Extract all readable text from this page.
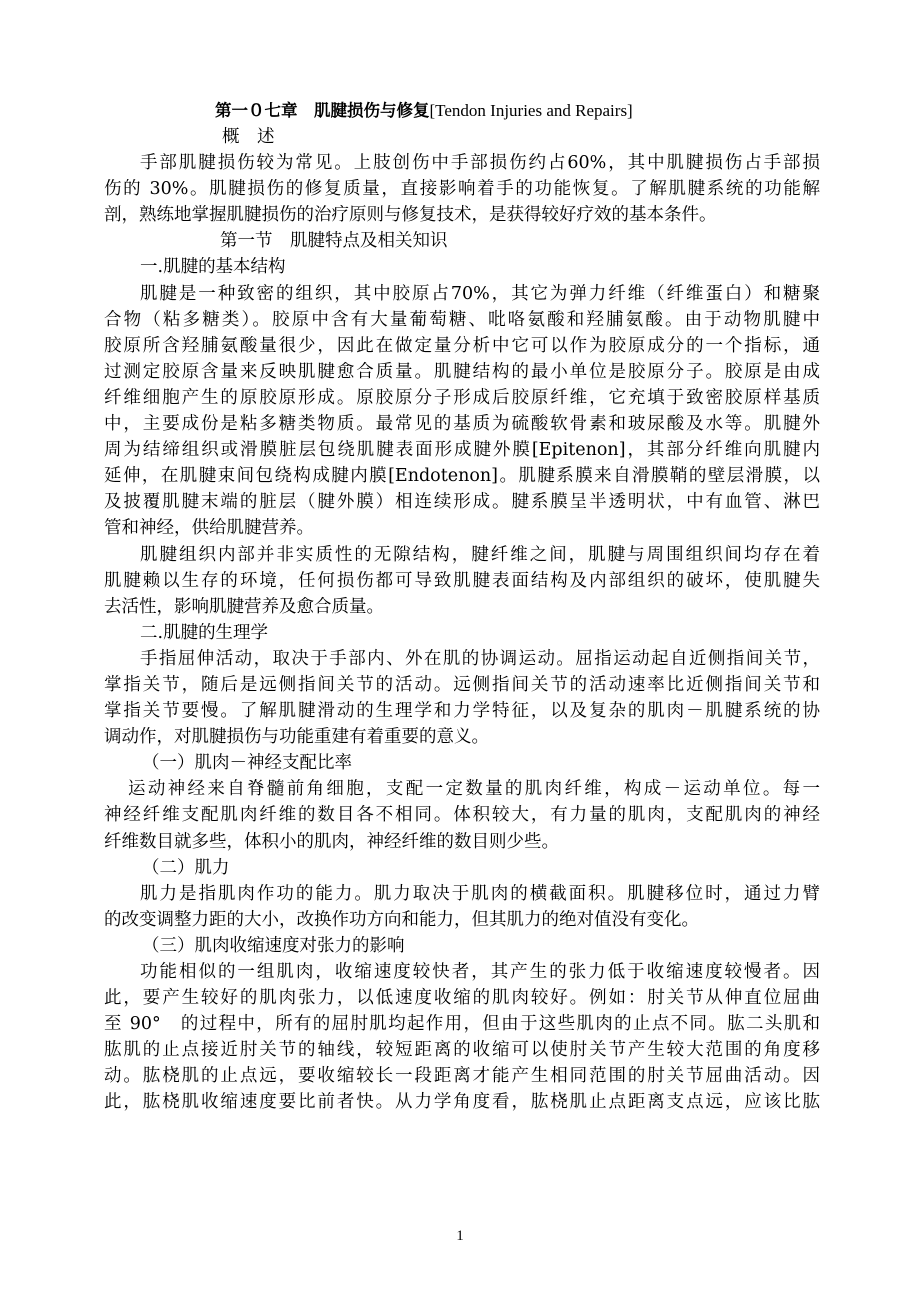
第一０七章　肌腱损伤与修复[Tendon Injuries and Repairs]

概　述

手部肌腱损伤较为常见。上肢创伤中手部损伤约占60%，其中肌腱损伤占手部损

伤的 30%。肌腱损伤的修复质量，直接影响着手的功能恢复。了解肌腱系统的功能解

剖，熟练地掌握肌腱损伤的治疗原则与修复技术，是获得较好疗效的基本条件。

第一节　肌腱特点及相关知识

一.肌腱的基本结构

肌腱是一种致密的组织，其中胶原占70%，其它为弹力纤维（纤维蛋白）和糖聚

合物（粘多糖类）。胶原中含有大量葡萄糖、吡咯氨酸和羟脯氨酸。由于动物肌腱中

胶原所含羟脯氨酸量很少，因此在做定量分析中它可以作为胶原成分的一个指标，通

过测定胶原含量来反映肌腱愈合质量。肌腱结构的最小单位是胶原分子。胶原是由成

纤维细胞产生的原胶原形成。原胶原分子形成后胶原纤维，它充填于致密胶原样基质

中，主要成份是粘多糖类物质。最常见的基质为硫酸软骨素和玻尿酸及水等。肌腱外

周为结缔组织或滑膜脏层包绕肌腱表面形成腱外膜[Epitenon]，其部分纤维向肌腱内

延伸，在肌腱束间包绕构成腱内膜[Endotenon]。肌腱系膜来自滑膜鞘的壁层滑膜，以

及披覆肌腱末端的脏层（腱外膜）相连续形成。腱系膜呈半透明状，中有血管、淋巴

管和神经，供给肌腱营养。

肌腱组织内部并非实质性的无隙结构，腱纤维之间，肌腱与周围组织间均存在着

肌腱赖以生存的环境，任何损伤都可导致肌腱表面结构及内部组织的破坏，使肌腱失

去活性，影响肌腱营养及愈合质量。

二.肌腱的生理学

手指屈伸活动，取决于手部内、外在肌的协调运动。屈指运动起自近侧指间关节，

掌指关节，随后是远侧指间关节的活动。远侧指间关节的活动速率比近侧指间关节和

掌指关节要慢。了解肌腱滑动的生理学和力学特征，以及复杂的肌肉－肌腱系统的协

调动作，对肌腱损伤与功能重建有着重要的意义。

（一）肌肉－神经支配比率

运动神经来自脊髓前角细胞，支配一定数量的肌肉纤维，构成－运动单位。每一

神经纤维支配肌肉纤维的数目各不相同。体积较大，有力量的肌肉，支配肌肉的神经

纤维数目就多些，体积小的肌肉，神经纤维的数目则少些。

（二）肌力

肌力是指肌肉作功的能力。肌力取决于肌肉的横截面积。肌腱移位时，通过力臂

的改变调整力距的大小，改换作功方向和能力，但其肌力的绝对值没有变化。

（三）肌肉收缩速度对张力的影响

功能相似的一组肌肉，收缩速度较快者，其产生的张力低于收缩速度较慢者。因

此，要产生较好的肌肉张力，以低速度收缩的肌肉较好。例如：肘关节从伸直位屈曲

至 90°　的过程中，所有的屈肘肌均起作用，但由于这些肌肉的止点不同。肱二头肌和

肱肌的止点接近肘关节的轴线，较短距离的收缩可以使肘关节产生较大范围的角度移

动。肱桡肌的止点远，要收缩较长一段距离才能产生相同范围的肘关节屈曲活动。因

此，肱桡肌收缩速度要比前者快。从力学角度看，肱桡肌止点距离支点远，应该比肱

1
